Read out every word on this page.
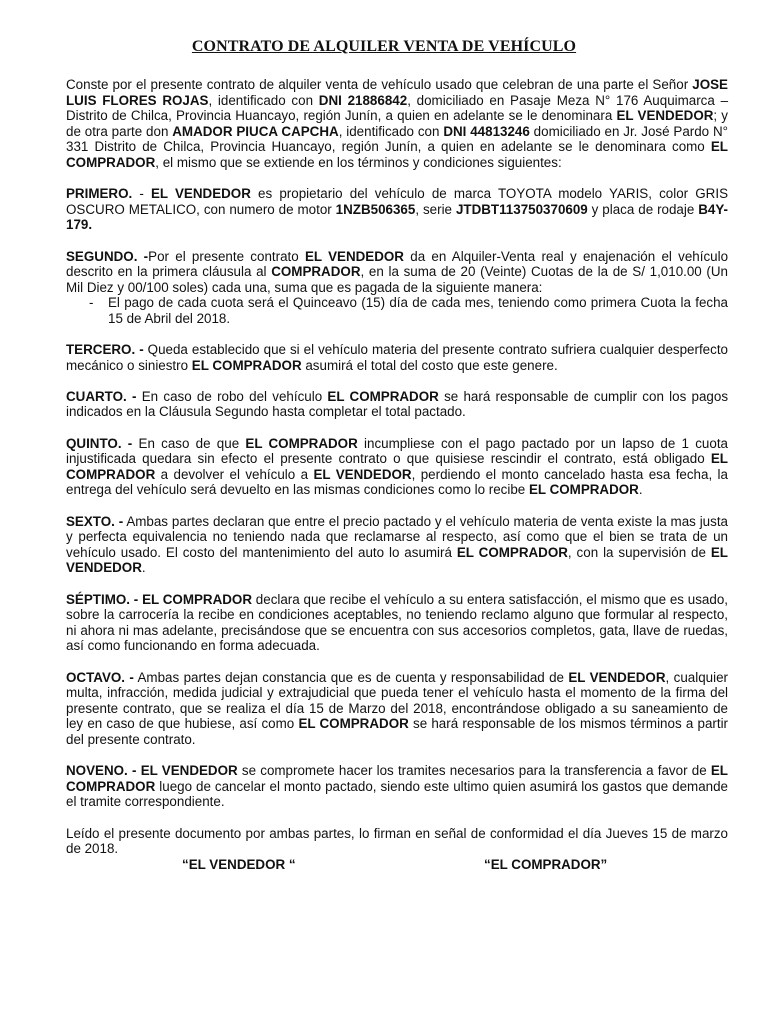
CONTRATO DE ALQUILER VENTA DE VEHÍCULO

Conste por el presente contrato de alquiler venta de vehículo usado que celebran de una parte el Señor JOSE LUIS FLORES ROJAS, identificado con DNI 21886842, domiciliado en Pasaje Meza N° 176 Auquimarca – Distrito de Chilca, Provincia Huancayo, región Junín, a quien en adelante se le denominara EL VENDEDOR; y de otra parte don AMADOR PIUCA CAPCHA, identificado con DNI 44813246 domiciliado en Jr. José Pardo N° 331 Distrito de Chilca, Provincia Huancayo, región Junín, a quien en adelante se le denominara como EL COMPRADOR, el mismo que se extiende en los términos y condiciones siguientes:

PRIMERO. - EL VENDEDOR es propietario del vehículo de marca TOYOTA modelo YARIS, color GRIS OSCURO METALICO, con numero de motor 1NZB506365, serie JTDBT113750370609 y placa de rodaje B4Y-179.

SEGUNDO. -Por el presente contrato EL VENDEDOR da en Alquiler-Venta real y enajenación el vehículo descrito en la primera cláusula al COMPRADOR, en la suma de 20 (Veinte) Cuotas de la de S/ 1,010.00 (Un Mil Diez y 00/100 soles) cada una, suma que es pagada de la siguiente manera:

-	El pago de cada cuota será el Quinceavo (15) día de cada mes, teniendo como primera Cuota la fecha 15 de Abril del 2018.

TERCERO. - Queda establecido que si el vehículo materia del presente contrato sufriera cualquier desperfecto mecánico o siniestro EL COMPRADOR asumirá el total del costo que este genere.

CUARTO. - En caso de robo del vehículo EL COMPRADOR se hará responsable de cumplir con los pagos indicados en la Cláusula Segundo hasta completar el total pactado.

QUINTO. - En caso de que EL COMPRADOR incumpliese con el pago pactado por un lapso de 1 cuota injustificada quedara sin efecto el presente contrato o que quisiese rescindir el contrato, está obligado EL COMPRADOR a devolver el vehículo a EL VENDEDOR, perdiendo el monto cancelado hasta esa fecha, la entrega del vehículo será devuelto en las mismas condiciones como lo recibe EL COMPRADOR.

SEXTO. - Ambas partes declaran que entre el precio pactado y el vehículo materia de venta existe la mas justa y perfecta equivalencia no teniendo nada que reclamarse al respecto, así como que el bien se trata de un vehículo usado. El costo del mantenimiento del auto lo asumirá EL COMPRADOR, con la supervisión de EL VENDEDOR.

SÉPTIMO. - EL COMPRADOR declara que recibe el vehículo a su entera satisfacción, el mismo que es usado, sobre la carrocería la recibe en condiciones aceptables, no teniendo reclamo alguno que formular al respecto, ni ahora ni mas adelante, precisándose que se encuentra con sus accesorios completos, gata, llave de ruedas, así como funcionando en forma adecuada.

OCTAVO. - Ambas partes dejan constancia que es de cuenta y responsabilidad de EL VENDEDOR, cualquier multa, infracción, medida judicial y extrajudicial que pueda tener el vehículo hasta el momento de la firma del presente contrato, que se realiza el día 15 de Marzo del 2018, encontrándose obligado a su saneamiento de ley en caso de que hubiese, así como EL COMPRADOR se hará responsable de los mismos términos a partir del presente contrato.

NOVENO. - EL VENDEDOR se compromete hacer los tramites necesarios para la transferencia a favor de EL COMPRADOR luego de cancelar el monto pactado, siendo este ultimo quien asumirá los gastos que demande el tramite correspondiente.

Leído el presente documento por ambas partes, lo firman en señal de conformidad el día Jueves 15 de marzo de 2018.

“EL VENDEDOR “	“EL COMPRADOR”
